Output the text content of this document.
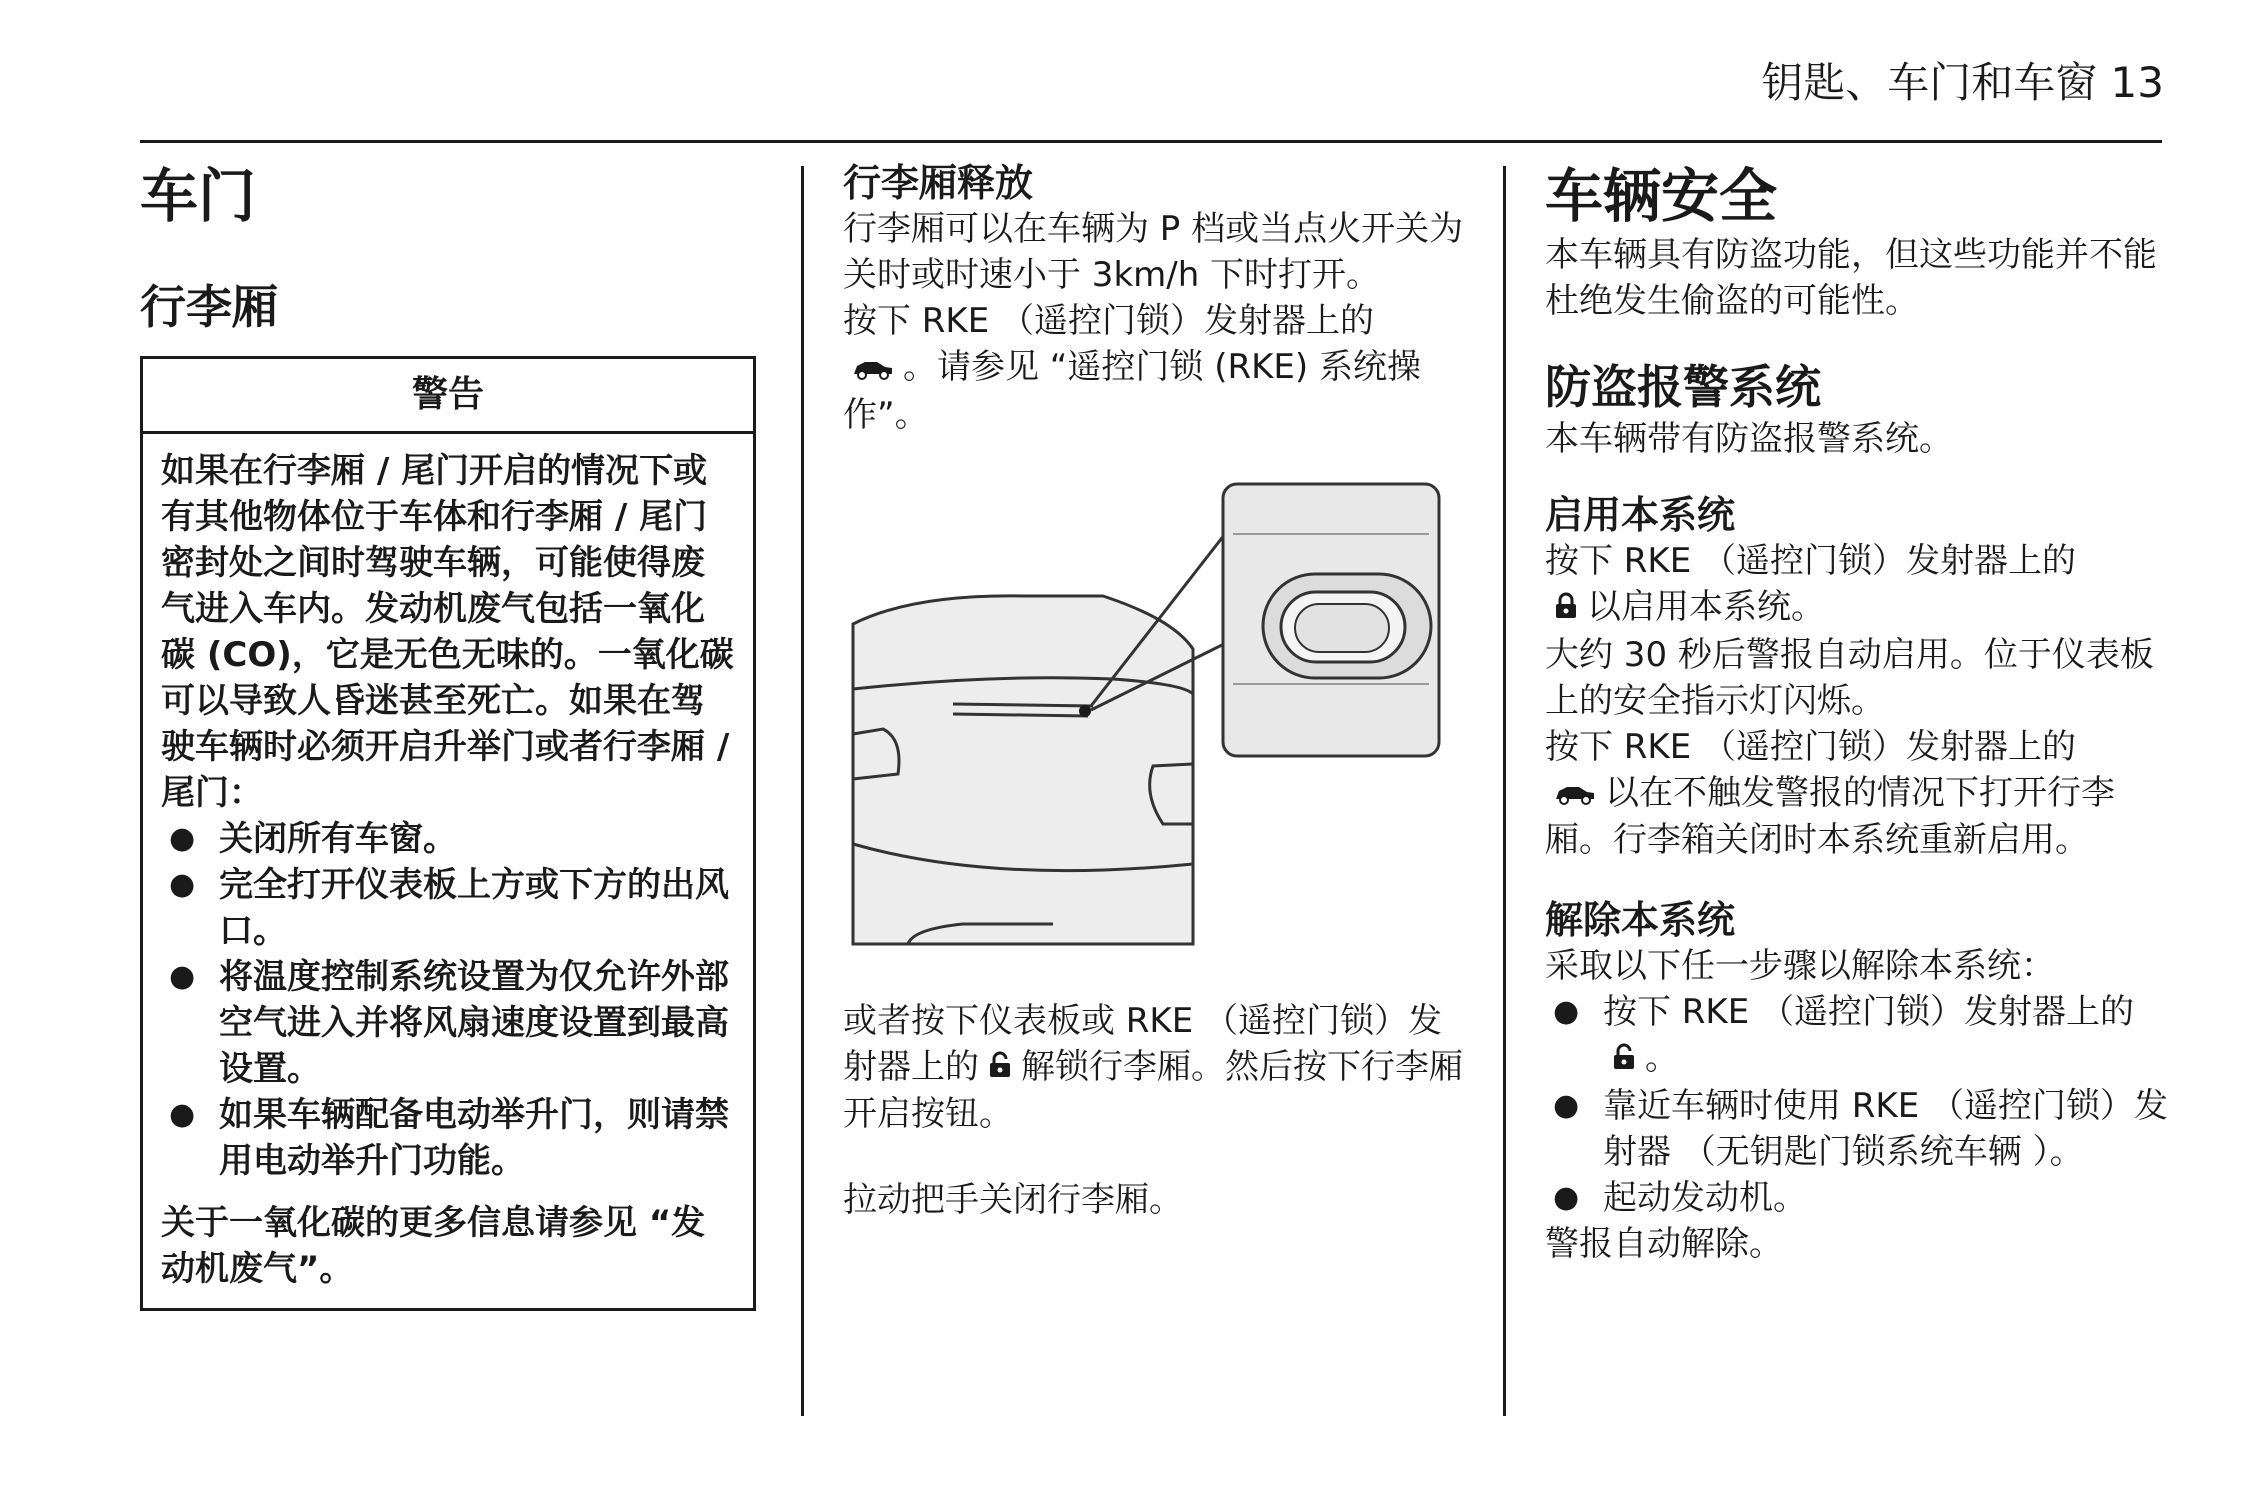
钥匙、车门和车窗 13
车门
行李厢
警告

如果在行李厢 / 尾门开启的情况下或有其他物体位于车体和行李厢 / 尾门密封处之间时驾驶车辆，可能使得废气进入车内。发动机废气包括一氧化碳 (CO)，它是无色无味的。一氧化碳可以导致人昏迷甚至死亡。如果在驾驶车辆时必须开启升举门或者行李厢 / 尾门：

● 关闭所有车窗。
● 完全打开仪表板上方或下方的出风口。
● 将温度控制系统设置为仅允许外部空气进入并将风扇速度设置到最高设置。
● 如果车辆配备电动举升门，则请禁用电动举升门功能。

关于一氧化碳的更多信息请参见 “发动机废气”。

行李厢释放

行李厢可以在车辆为 P 档或当点火开关为关时或时速小于 3km/h 下时打开。

按下 RKE （遥控门锁）发射器上的
。请参见 “遥控门锁 (RKE) 系统操作”。

或者按下仪表板或 RKE （遥控门锁）发射器上的 解锁行李厢。然后按下行李厢开启按钮。

拉动把手关闭行李厢。

车辆安全

本车辆具有防盗功能，但这些功能并不能杜绝发生偷盗的可能性。

防盗报警系统

本车辆带有防盗报警系统。

启用本系统

按下 RKE （遥控门锁）发射器上的
以启用本系统。

大约 30 秒后警报自动启用。位于仪表板上的安全指示灯闪烁。

按下 RKE （遥控门锁）发射器上的
以在不触发警报的情况下打开行李厢。行李箱关闭时本系统重新启用。

解除本系统

采取以下任一步骤以解除本系统：

● 按下 RKE （遥控门锁）发射器上的。
● 靠近车辆时使用 RKE （遥控门锁）发射器 （无钥匙门锁系统车辆 ）。
● 起动发动机。

警报自动解除。
